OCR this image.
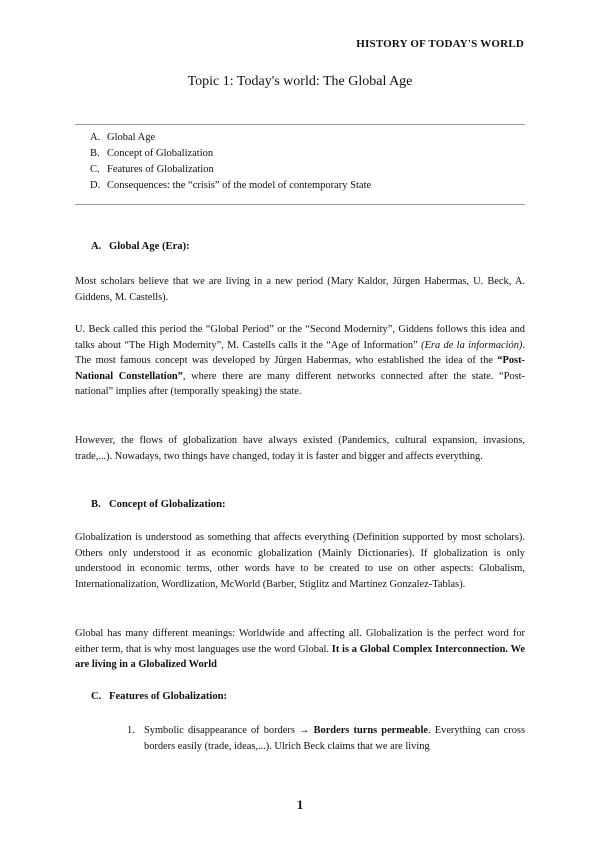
HISTORY OF TODAY'S WORLD
Topic 1: Today's world: The Global Age
A. Global Age
B. Concept of Globalization
C. Features of Globalization
D. Consequences: the “crisis” of the model of contemporary State
A. Global Age (Era):
Most scholars believe that we are living in a new period (Mary Kaldor, Jürgen Habermas, U. Beck, A. Giddens, M. Castells).
U. Beck called this period the “Global Period” or the “Second Modernity”, Giddens follows this idea and talks about “The High Modernity”, M. Castells calls it the “Age of Information” (Era de la información). The most famous concept was developed by Jürgen Habermas, who established the idea of the “Post-National Constellation”, where there are many different networks connected after the state. “Post-national” implies after (temporally speaking) the state.
However, the flows of globalization have always existed (Pandemics, cultural expansion, invasions, trade,...). Nowadays, two things have changed, today it is faster and bigger and affects everything.
B. Concept of Globalization:
Globalization is understood as something that affects everything (Definition supported by most scholars). Others only understood it as economic globalization (Mainly Dictionaries). If globalization is only understood in economic terms, other words have to be created to use on other aspects: Globalism, Internationalization, Wordlization, McWorld (Barber, Stiglitz and Martínez Gonzalez-Tablas).
Global has many different meanings: Worldwide and affecting all. Globalization is the perfect word for either term, that is why most languages use the word Global. It is a Global Complex Interconnection. We are living in a Globalized World
C. Features of Globalization:
1. Symbolic disappearance of borders → Borders turns permeable. Everything can cross borders easily (trade, ideas,...). Ulrich Beck claims that we are living
1
